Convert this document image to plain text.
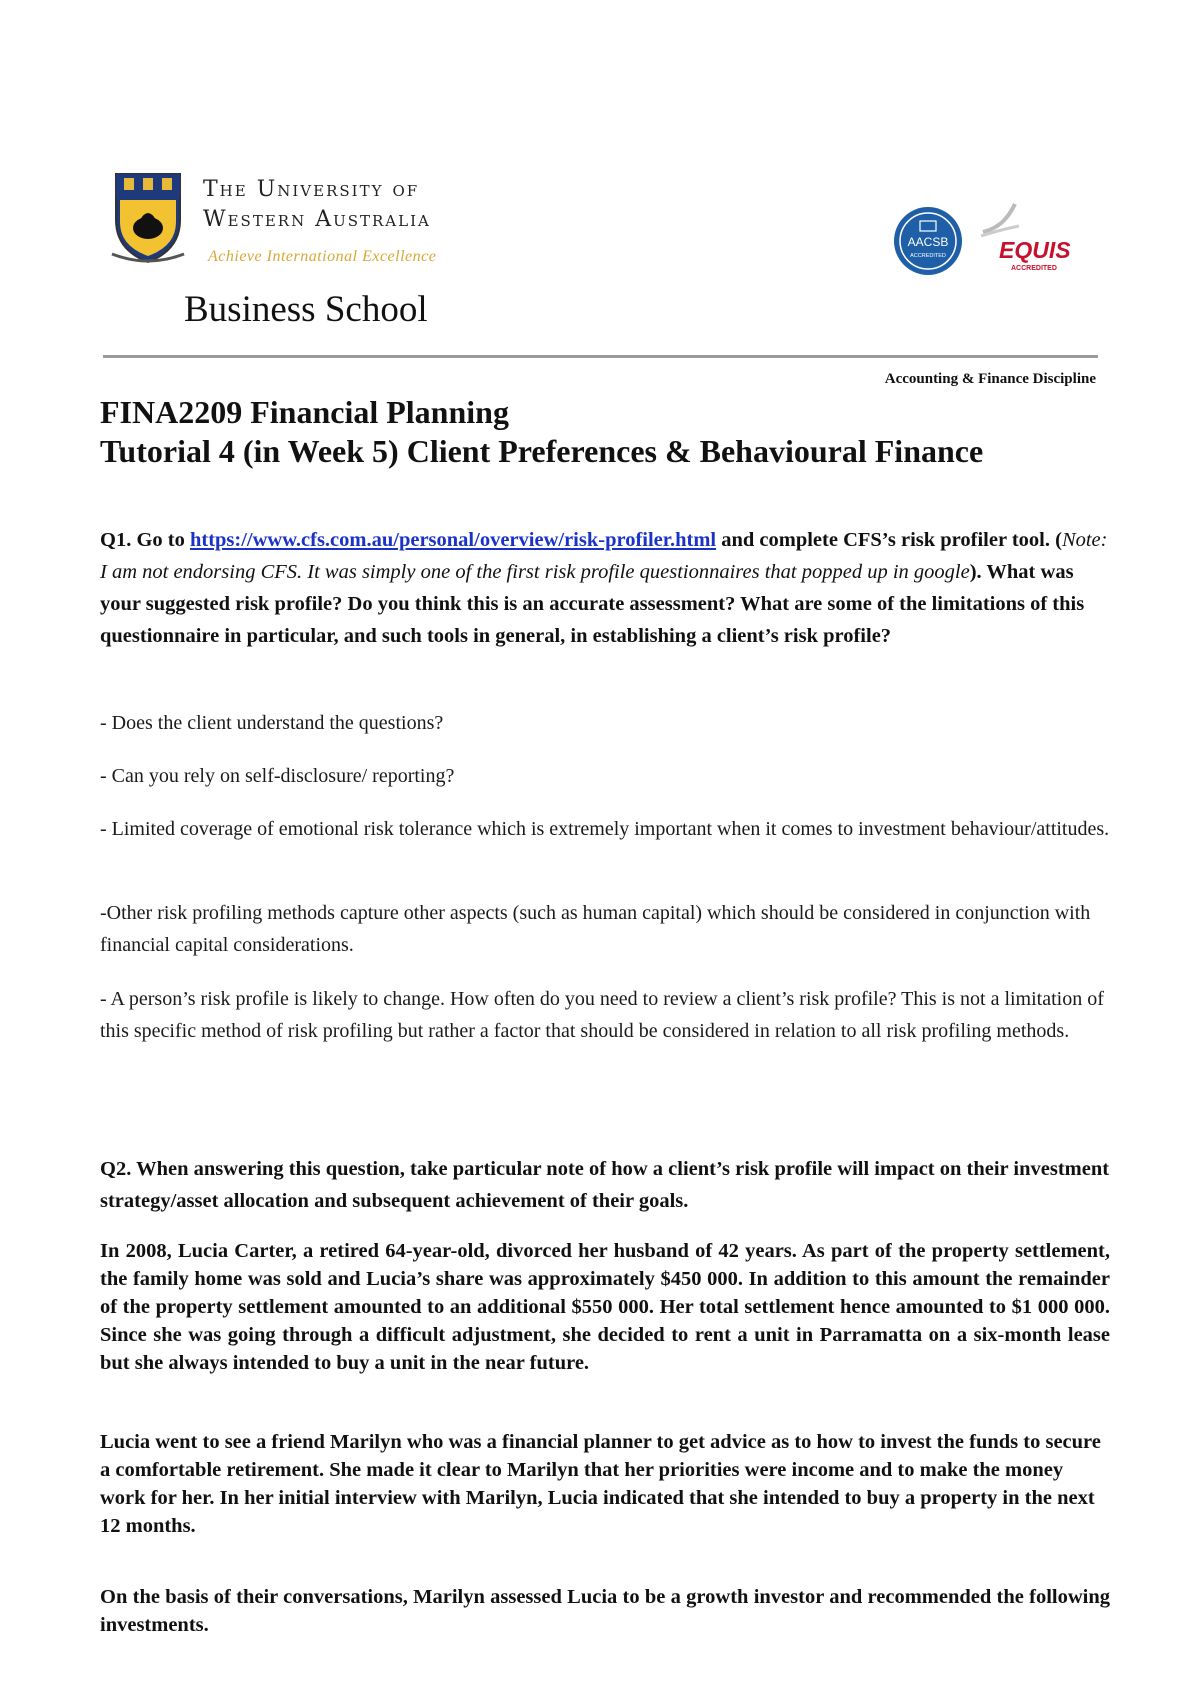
The University of
Western Australia
Achieve International Excellence
Business School
AACSB
ACCREDITED EQUIS
ACCREDITED
Accounting & Finance Discipline
FINA2209 Financial Planning
Tutorial 4 (in Week 5) Client Preferences & Behavioural Finance

Q1. Go to https://www.cfs.com.au/personal/overview/risk-profiler.html and complete CFS’s risk profiler tool. (Note: I am not endorsing CFS. It was simply one of the first risk profile questionnaires that popped up in google). What was your suggested risk profile? Do you think this is an accurate assessment? What are some of the limitations of this questionnaire in particular, and such tools in general, in establishing a client’s risk profile?

- Does the client understand the questions?

- Can you rely on self-disclosure/ reporting?

- Limited coverage of emotional risk tolerance which is extremely important when it comes to investment behaviour/attitudes.

-Other risk profiling methods capture other aspects (such as human capital) which should be considered in conjunction with financial capital considerations.

- A person’s risk profile is likely to change. How often do you need to review a client’s risk profile? This is not a limitation of this specific method of risk profiling but rather a factor that should be considered in relation to all risk profiling methods.

Q2. When answering this question, take particular note of how a client’s risk profile will impact on their investment strategy/asset allocation and subsequent achievement of their goals.

In 2008, Lucia Carter, a retired 64-year-old, divorced her husband of 42 years. As part of the property settlement, the family home was sold and Lucia’s share was approximately $450 000. In addition to this amount the remainder of the property settlement amounted to an additional $550 000. Her total settlement hence amounted to $1 000 000. Since she was going through a difficult adjustment, she decided to rent a unit in Parramatta on a six-month lease but she always intended to buy a unit in the near future.

Lucia went to see a friend Marilyn who was a financial planner to get advice as to how to invest the funds to secure a comfortable retirement. She made it clear to Marilyn that her priorities were income and to make the money work for her. In her initial interview with Marilyn, Lucia indicated that she intended to buy a property in the next 12 months.

On the basis of their conversations, Marilyn assessed Lucia to be a growth investor and recommended the following investments.
